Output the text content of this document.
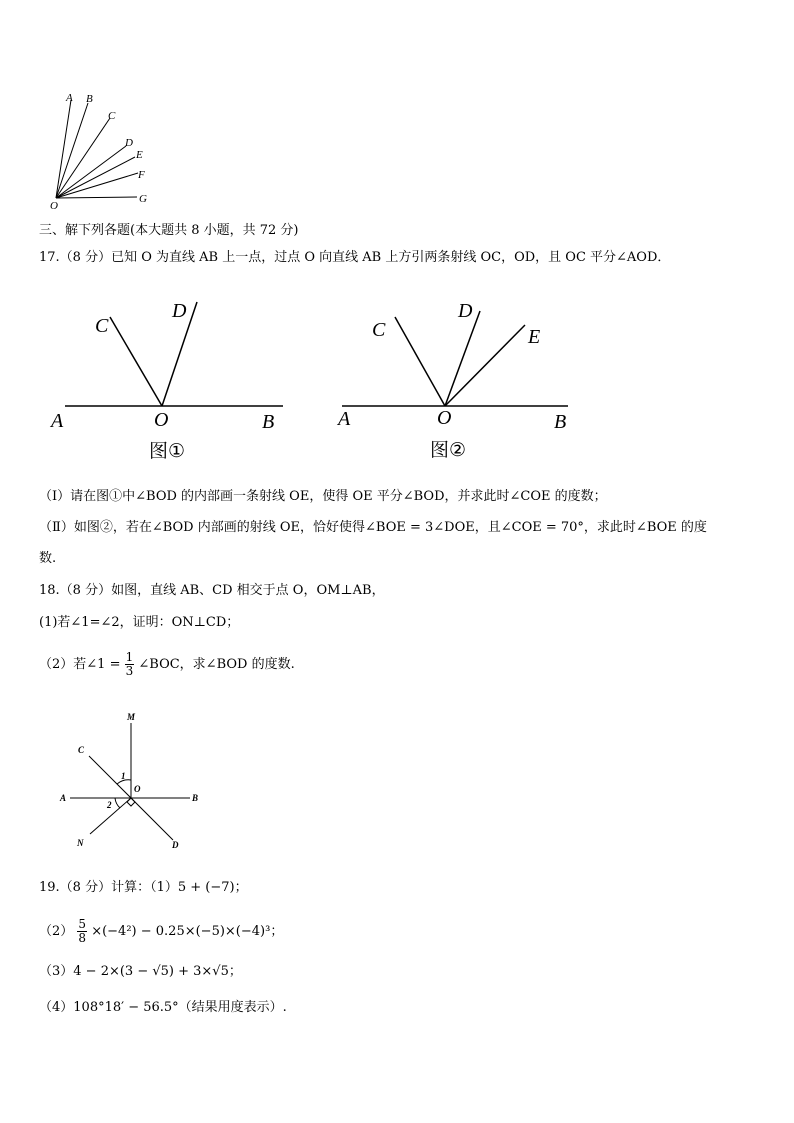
A B
C
D
E
F
G
O
三、解下列各题(本大题共 8 小题，共 72 分)
17.（8 分）已知 O 为直线 AB 上一点，过点 O 向直线 AB 上方引两条射线 OC，OD，且 OC 平分∠AOD．
C
D
A	O	B
图①
C
D
E
A	O	B
图②
（Ⅰ）请在图①中∠BOD 的内部画一条射线 OE，使得 OE 平分∠BOD，并求此时∠COE 的度数；
（Ⅱ）如图②，若在∠BOD 内部画的射线 OE，恰好使得∠BOE = 3∠DOE，且∠COE = 70°，求此时∠BOE 的度
数.
18.（8 分）如图，直线 AB、CD 相交于点 O，OM⊥AB，
(1)若∠1=∠2，证明：ON⊥CD；
（2）若∠1 = $\frac{1}{3}$ ∠BOC，求∠BOD 的度数.
M
C
1
O
A	B
2
N	D
19.（8 分）计算：（1）5 + (−7)；
$(2) \frac{5}{8} \times(-4^2) - 0.25\times(-5)\times(-4)^3$；
（3）4 − 2×(3 − √5) + 3×√5；
（4）108°18′ − 56.5°（结果用度表示）.
